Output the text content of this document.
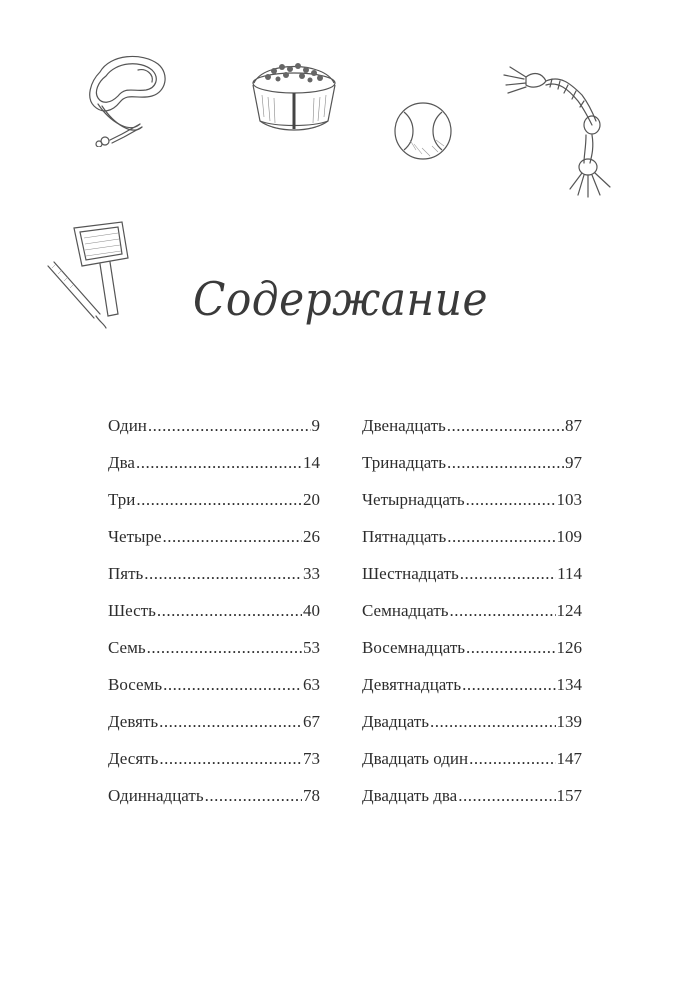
Содержание
Один .....	9
Два .....	14
Три .....	20
Четыре .....	26
Пять .....	33
Шесть .....	40
Семь .....	53
Восемь .....	63
Девять .....	67
Десять .....	73
Одиннадцать .....	78
Двенадцать .....	87
Тринадцать .....	97
Четырнадцать .....	103
Пятнадцать .....	109
Шестнадцать .....	114
Семнадцать .....	124
Восемнадцать .....	126
Девятнадцать .....	134
Двадцать .....	139
Двадцать один .....	147
Двадцать два .....	157
